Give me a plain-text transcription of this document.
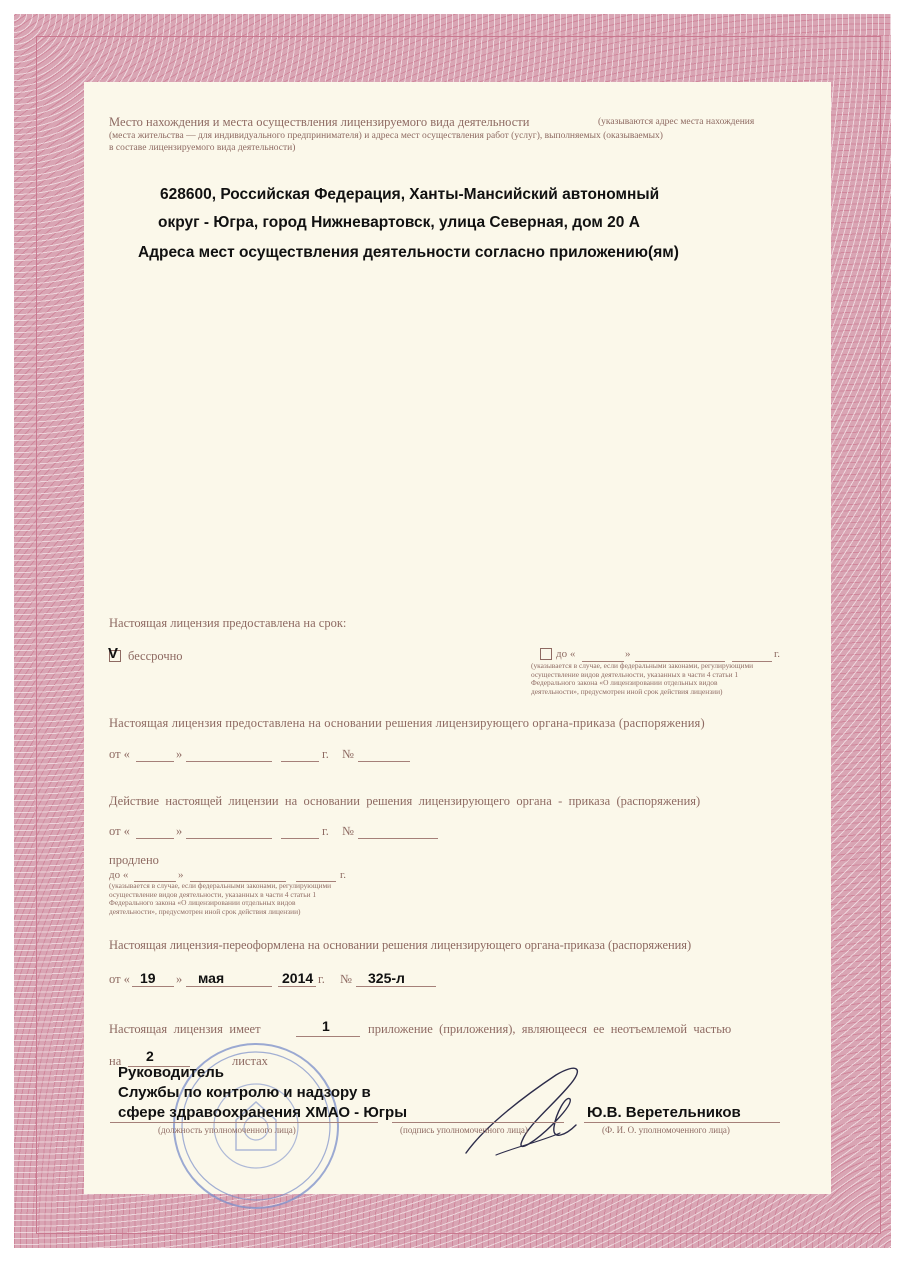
Место нахождения и места осуществления лицензируемого вида деятельности	(указываются адрес места нахождения

(места жительства — для индивидуального предпринимателя) и адреса мест осуществления работ (услуг), выполняемых (оказываемых)

в составе лицензируемого вида деятельности)

628600, Российская Федерация, Ханты-Мансийский автономный

округ - Югра, город Нижневартовск, улица Северная, дом 20 А

Адреса мест осуществления деятельности согласно приложению(ям)

Настоящая лицензия предоставлена на срок:

V бессрочно	до «	»	г.

(указывается в случае, если федеральными законами, регулирующими

осуществление видов деятельности, указанных в части 4 статьи 1

Федерального закона «О лицензировании отдельных видов

деятельности», предусмотрен иной срок действия лицензии)

Настоящая лицензия предоставлена на основании решения лицензирующего органа-приказа (распоряжения)

от «	»	г. №

Действие настоящей лицензии на основании решения лицензирующего органа - приказа (распоряжения)

от «	»	г. №

продлено

до «	»	г.

(указывается в случае, если федеральными законами, регулирующими

осуществление видов деятельности, указанных в части 4 статьи 1

Федерального закона «О лицензировании отдельных видов

деятельности», предусмотрен иной срок действия лицензии)

Настоящая лицензия-переоформлена на основании решения лицензирующего органа-приказа (распоряжения)

от « 19 » мая	2014 г. № 325-л

Настоящая лицензия имеет	1	приложение (приложения), являющееся ее неотъемлемой частью

на 2	листах

Руководитель

Службы по контролю и надзору в

сфере здравоохранения ХМАО - Югры

(должность уполномоченного лица)	(подпись уполномоченного лица)

Ю.В. Веретельников

(Ф. И. О. уполномоченного лица)
